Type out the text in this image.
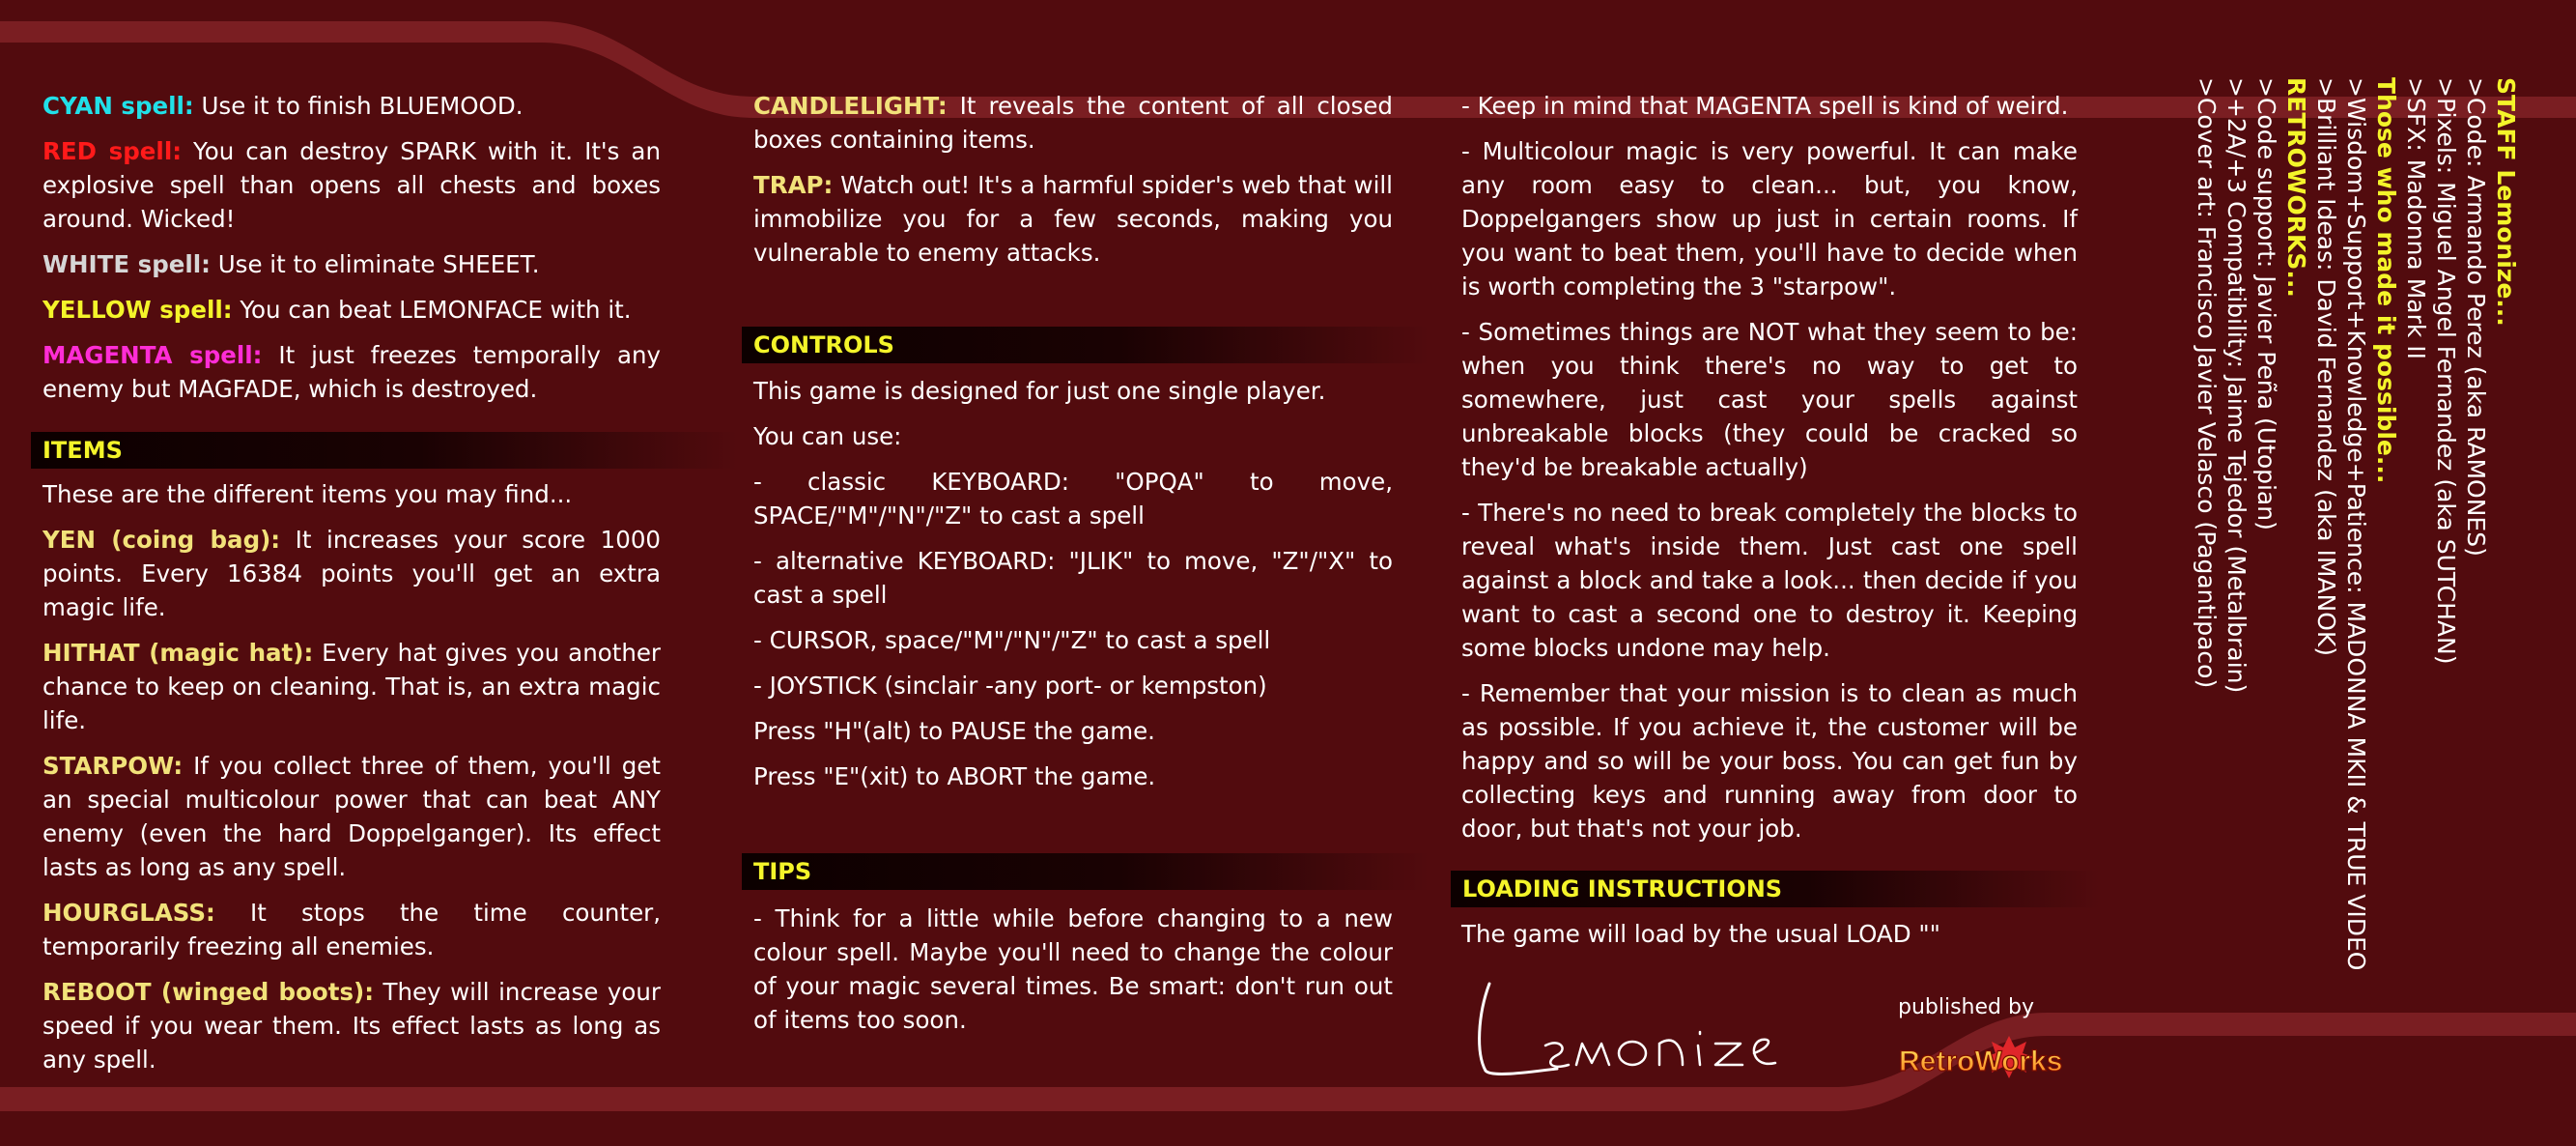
CYAN spell: Use it to finish BLUEMOOD.

RED spell: You can destroy SPARK with it. It's an explosive spell than opens all chests and boxes around. Wicked!

WHITE spell: Use it to eliminate SHEEET.

YELLOW spell: You can beat LEMONFACE with it.

MAGENTA spell: It just freezes temporally any enemy but MAGFADE, which is destroyed.

ITEMS

These are the different items you may find...

YEN (coing bag): It increases your score 1000 points. Every 16384 points you'll get an extra magic life.

HITHAT (magic hat): Every hat gives you another chance to keep on cleaning. That is, an extra magic life.

STARPOW: If you collect three of them, you'll get an special multicolour power that can beat ANY enemy (even the hard Doppelganger). Its effect lasts as long as any spell.

HOURGLASS: It stops the time counter, temporarily freezing all enemies.

REBOOT (winged boots): They will increase your speed if you wear them. Its effect lasts as long as any spell.

CANDLELIGHT: It reveals the content of all closed boxes containing items.

TRAP: Watch out! It's a harmful spider's web that will immobilize you for a few seconds, making you vulnerable to enemy attacks.

CONTROLS

This game is designed for just one single player.

You can use:

- classic KEYBOARD: "OPQA" to move, SPACE/"M"/"N"/"Z" to cast a spell

- alternative KEYBOARD: "JLIK" to move, "Z"/"X" to cast a spell

- CURSOR, space/"M"/"N"/"Z" to cast a spell

- JOYSTICK (sinclair -any port- or kempston)

Press "H"(alt) to PAUSE the game.

Press "E"(xit) to ABORT the game.

TIPS

- Think for a little while before changing to a new colour spell. Maybe you'll need to change the colour of your magic several times. Be smart: don't run out of items too soon.

- Keep in mind that MAGENTA spell is kind of weird.

- Multicolour magic is very powerful. It can make any room easy to clean... but, you know, Doppelgangers show up just in certain rooms. If you want to beat them, you'll have to decide when is worth completing the 3 "starpow".

- Sometimes things are NOT what they seem to be: when you think there's no way to get to somewhere, just cast your spells against unbreakable blocks (they could be cracked so they'd be breakable actually)

- There's no need to break completely the blocks to reveal what's inside them. Just cast one spell against a block and take a look... then decide if you want to cast a second one to destroy it. Keeping some blocks undone may help.

- Remember that your mission is to clean as much as possible. If you achieve it, the customer will be happy and so will be your boss. You can get fun by collecting keys and running away from door to door, but that's not your job.

LOADING INSTRUCTIONS

The game will load by the usual LOAD ""

STAFF Lemonize...
>Code: Armando Perez (aka RAMONES)
>Pixels: Miguel Angel Fernandez (aka SUTCHAN)
>SFX: Madonna Mark II
Those who made it possible...
>Wisdom+Support+Knowledge+Patience: MADONNA MKII & TRUE VIDEO
>Brilliant Ideas: David Fernandez (aka IMANOK)
RETROWORKS...
>Code support: Javier Peña (Utopian)
>+2A/+3 Compatibility: Jaime Tejedor (Metalbrain)
>Cover art: Francisco Javier Velasco (Pagantipaco)
published by
RetroWorks
